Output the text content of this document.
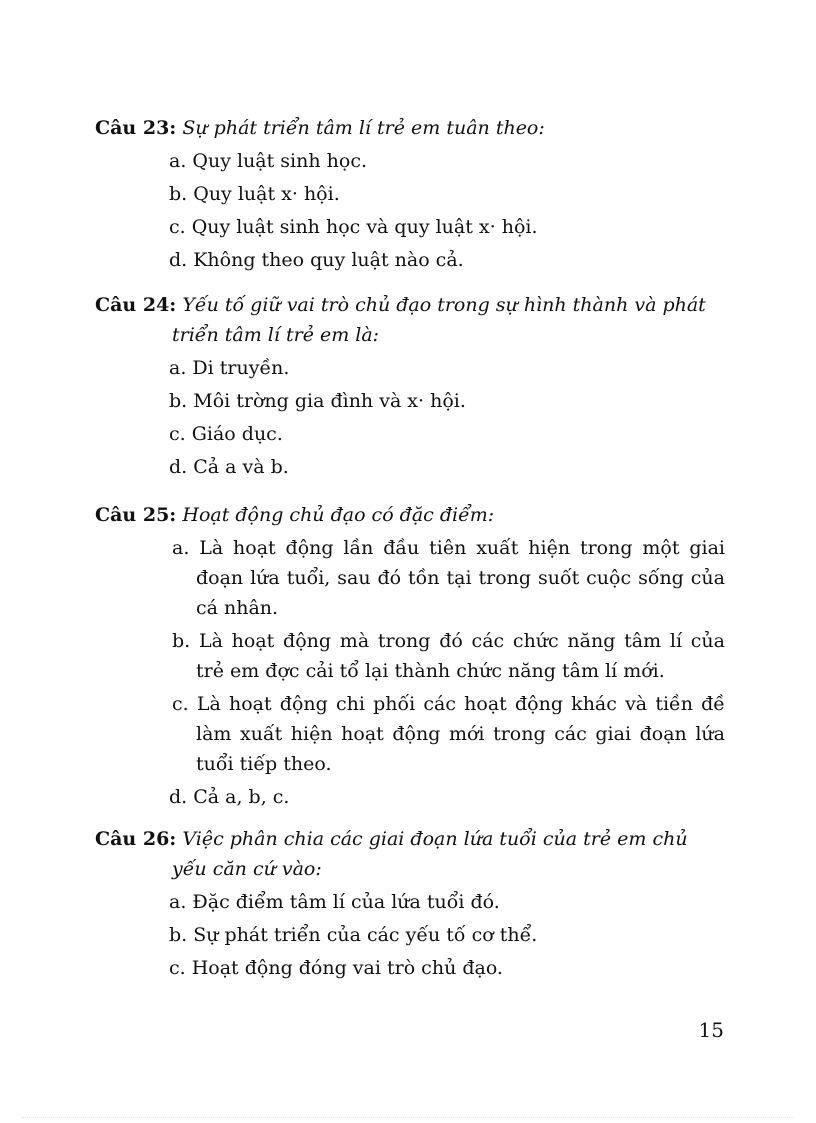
Câu 23: Sự phát triển tâm lí trẻ em tuân theo:

a. Quy luật sinh học.
b. Quy luật x· hội.
c. Quy luật sinh học và quy luật x· hội.
d. Không theo quy luật nào cả.

Câu 24: Yếu tố giữ vai trò chủ đạo trong sự hình thành và phát triển tâm lí trẻ em là:

a. Di truyền.
b. Môi trờng gia đình và x· hội.
c. Giáo dục.
d. Cả a và b.

Câu 25: Hoạt động chủ đạo có đặc điểm:

a. Là hoạt động lần đầu tiên xuất hiện trong một giai đoạn lứa tuổi, sau đó tồn tại trong suốt cuộc sống của cá nhân.
b. Là hoạt động mà trong đó các chức năng tâm lí của trẻ em đợc cải tổ lại thành chức năng tâm lí mới.
c. Là hoạt động chi phối các hoạt động khác và tiền đề làm xuất hiện hoạt động mới trong các giai đoạn lứa tuổi tiếp theo.
d. Cả a, b, c.

Câu 26: Việc phân chia các giai đoạn lứa tuổi của trẻ em chủ yếu căn cứ vào:

a. Đặc điểm tâm lí của lứa tuổi đó.
b. Sự phát triển của các yếu tố cơ thể.
c. Hoạt động đóng vai trò chủ đạo.
15
